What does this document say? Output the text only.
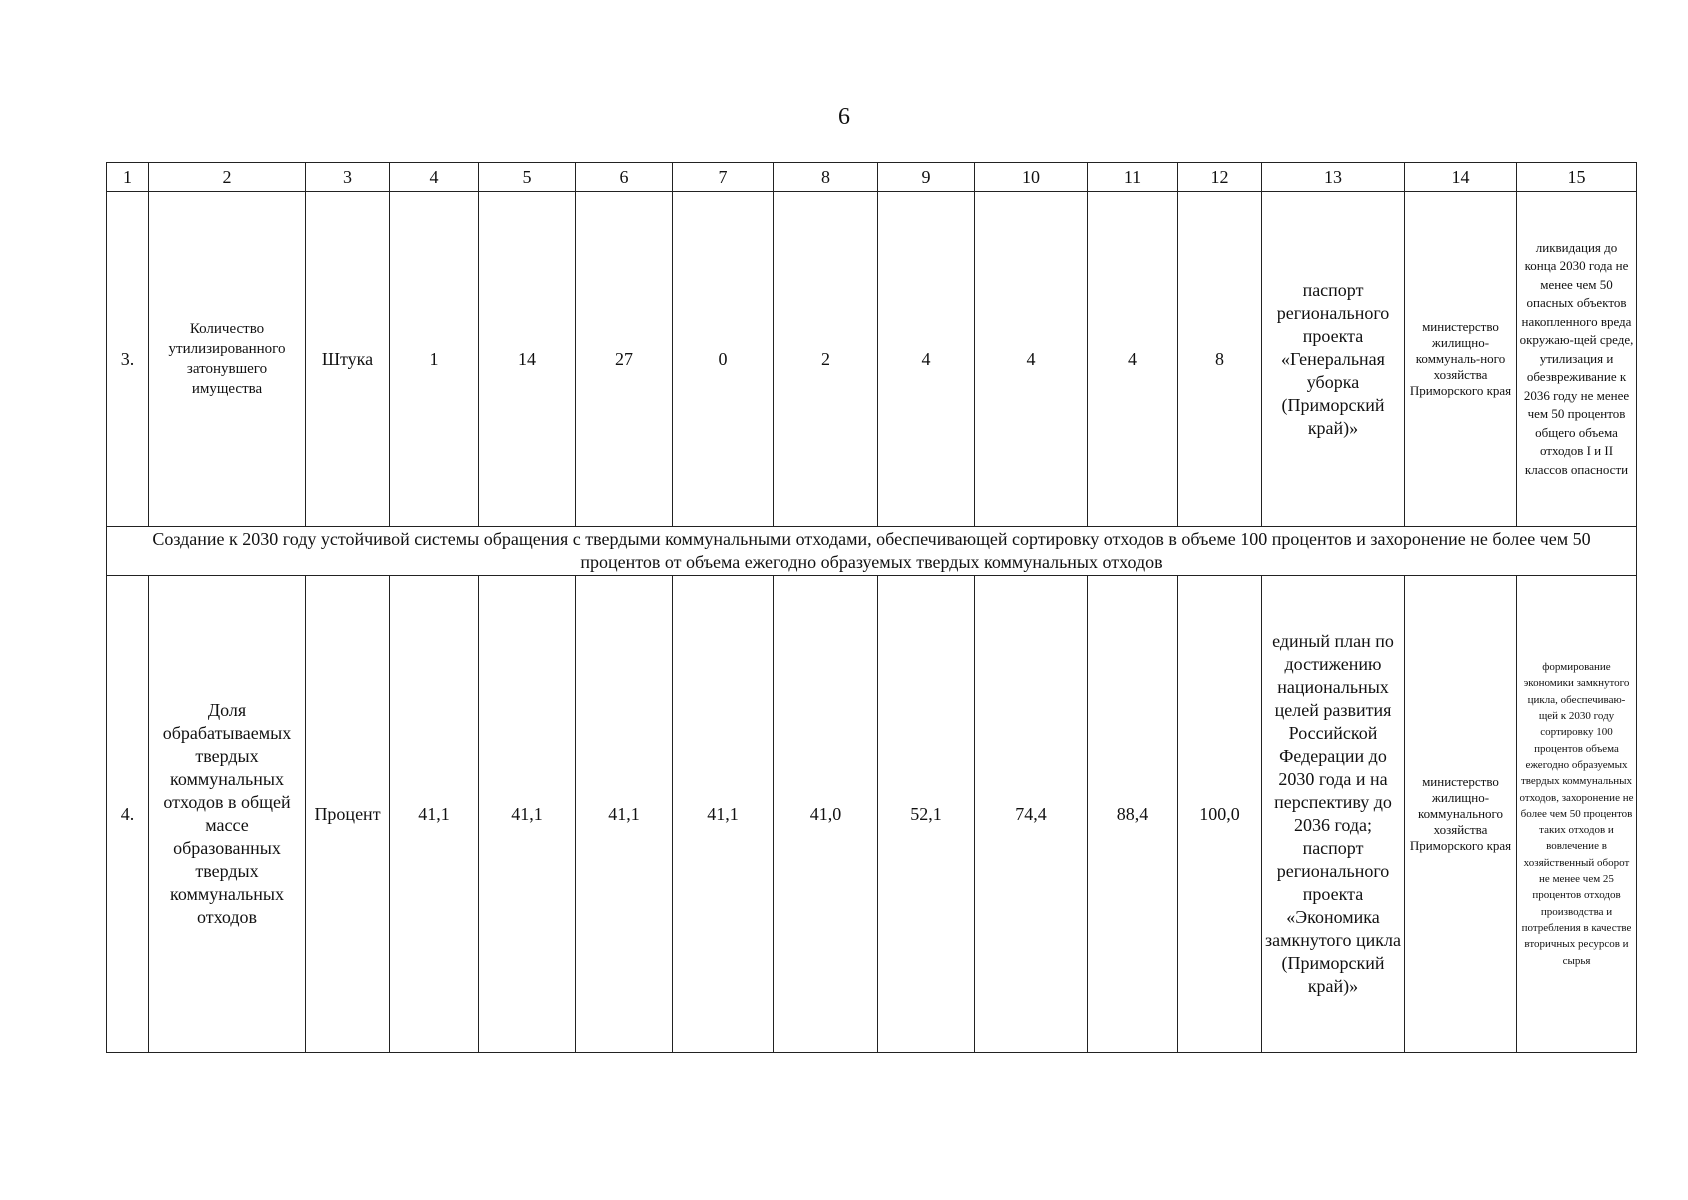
6
1	2	3	4	5	6	7	8	9	10	11	12	13	14	15
3.	Количество утилизированного затонувшего имущества	Штука	1	14	27	0	2	4	4	4	8	паспорт регионального проекта «Генеральная уборка (Приморский край)»	министерство жилищно-коммуналь-ного хозяйства Приморского края	ликвидация до конца 2030 года не менее чем 50 опасных объектов накопленного вреда окружаю-щей среде, утилизация и обезвреживание к 2036 году не менее чем 50 процентов общего объема отходов I и II классов опасности
Создание к 2030 году устойчивой системы обращения с твердыми коммунальными отходами, обеспечивающей сортировку отходов в объеме 100 процентов и захоронение не более чем 50 процентов от объема ежегодно образуемых твердых коммунальных отходов														
4.	Доля обрабатываемых твердых коммунальных отходов в общей массе образованных твердых коммунальных отходов	Процент	41,1	41,1	41,1	41,1	41,0	52,1	74,4	88,4	100,0	единый план по достижению национальных целей развития Российской Федерации до 2030 года и на перспективу до 2036 года; паспорт регионального проекта «Экономика замкнутого цикла (Приморский край)»	министерство жилищно-коммунального хозяйства Приморского края	формирование экономики замкнутого цикла, обеспечиваю-щей к 2030 году сортировку 100 процентов объема ежегодно образуемых твердых коммунальных отходов, захоронение не более чем 50 процентов таких отходов и вовлечение в хозяйственный оборот не менее чем 25 процентов отходов производства и потребления в качестве вторичных ресурсов и сырья
